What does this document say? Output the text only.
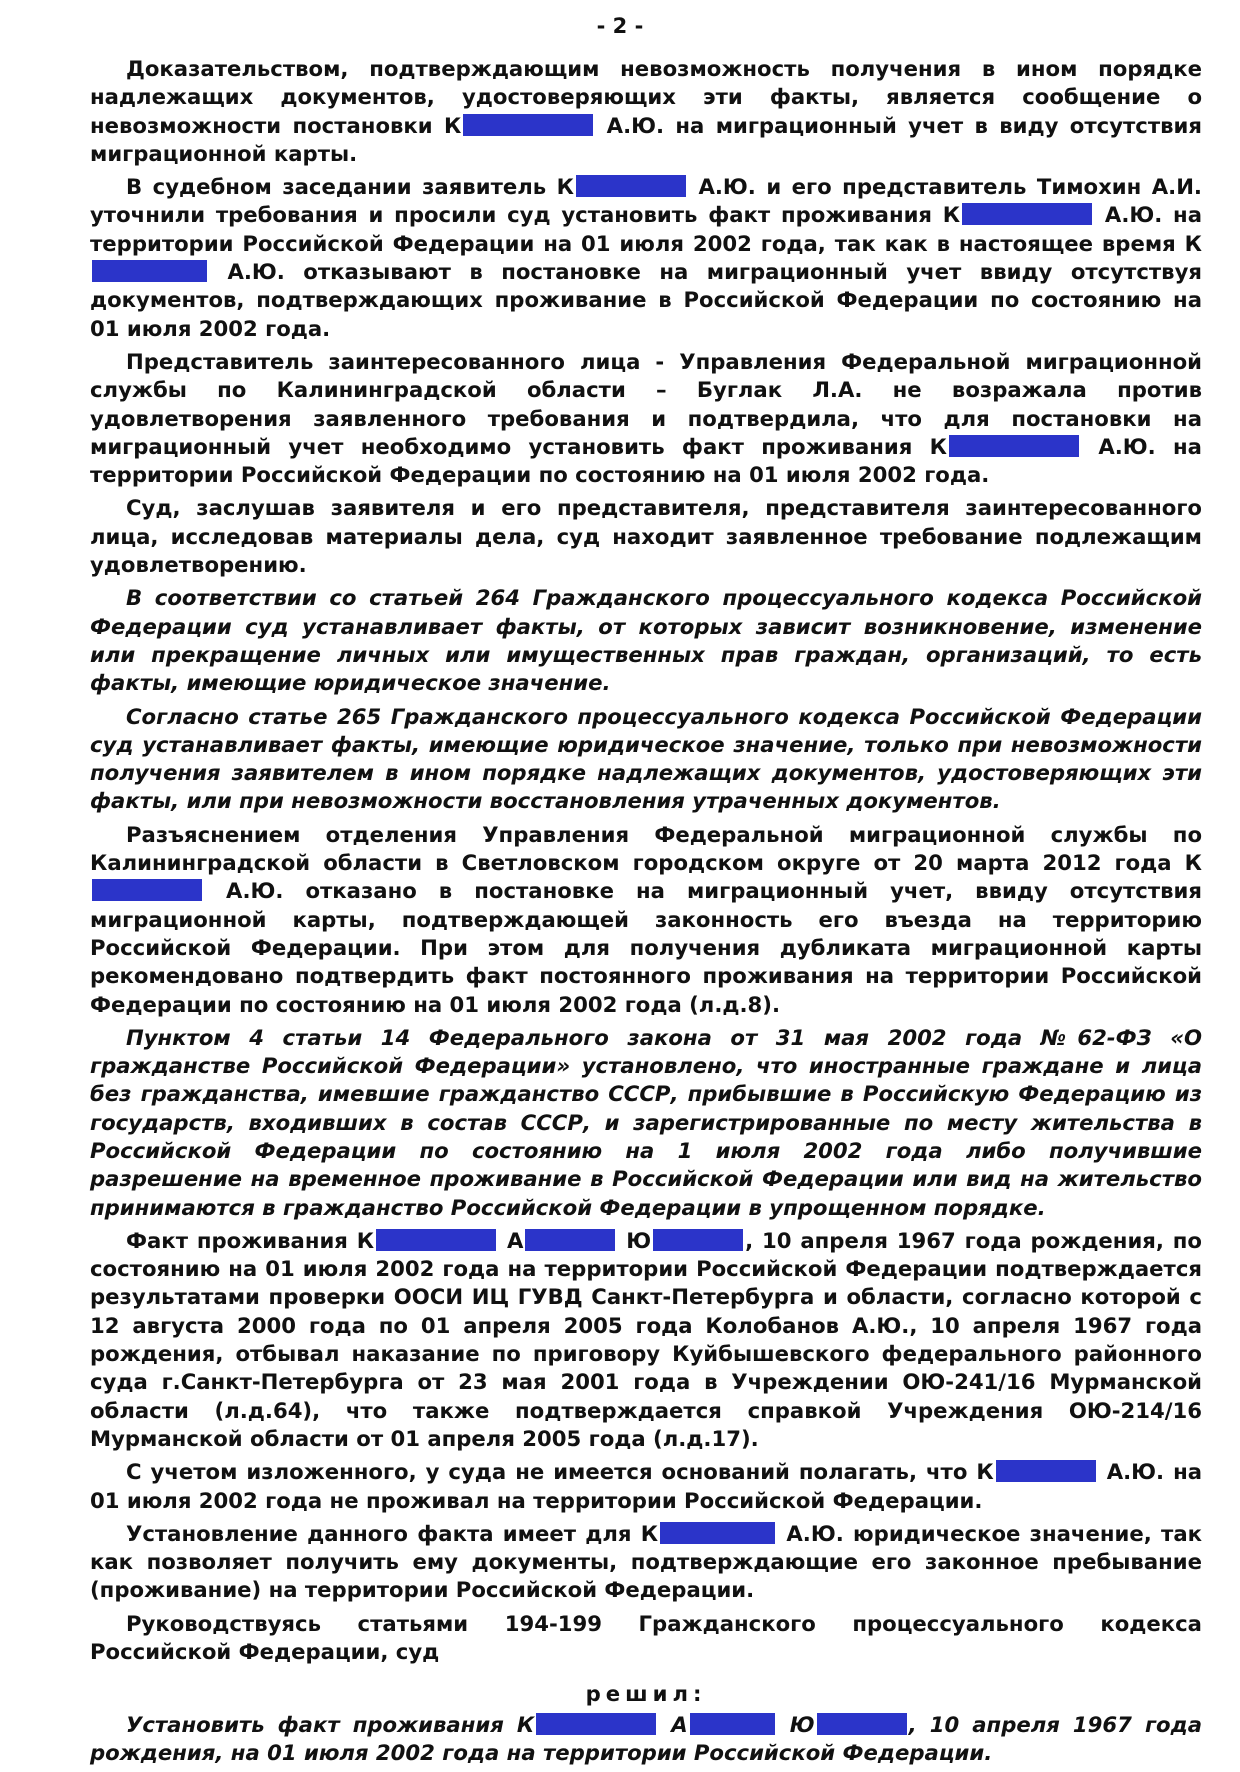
- 2 -

Доказательством, подтверждающим невозможность получения в ином порядке надлежащих документов, удостоверяющих эти факты, является сообщение о невозможности постановки К	А.Ю. на миграционный учет в виду отсутствия миграционной карты.

В судебном заседании заявитель К	А.Ю. и его представитель Тимохин А.И. уточнили требования и просили суд установить факт проживания К	А.Ю. на территории Российской Федерации на 01 июля 2002 года, так как в настоящее время К А.Ю. отказывают в постановке на миграционный учет ввиду отсутствуя документов, подтверждающих проживание в Российской Федерации по состоянию на 01 июля 2002 года.

Представитель заинтересованного лица - Управления Федеральной миграционной службы по Калининградской области – Буглак Л.А. не возражала против удовлетворения заявленного требования и подтвердила, что для постановки на миграционный учет необходимо установить факт проживания К	А.Ю. на территории Российской Федерации по состоянию на 01 июля 2002 года.

Суд, заслушав заявителя и его представителя, представителя заинтересованного лица, исследовав материалы дела, суд находит заявленное требование подлежащим удовлетворению.

В соответствии со статьей 264 Гражданского процессуального кодекса Российской Федерации суд устанавливает факты, от которых зависит возникновение, изменение или прекращение личных или имущественных прав граждан, организаций, то есть факты, имеющие юридическое значение.

Согласно статье 265 Гражданского процессуального кодекса Российской Федерации суд устанавливает факты, имеющие юридическое значение, только при невозможности получения заявителем в ином порядке надлежащих документов, удостоверяющих эти факты, или при невозможности восстановления утраченных документов.

Разъяснением отделения Управления Федеральной миграционной службы по Калининградской области в Светловском городском округе от 20 марта 2012 года К А.Ю. отказано в постановке на миграционный учет, ввиду отсутствия миграционной карты, подтверждающей законность его въезда на территорию Российской Федерации. При этом для получения дубликата миграционной карты рекомендовано подтвердить факт постоянного проживания на территории Российской Федерации по состоянию на 01 июля 2002 года (л.д.8).

Пунктом 4 статьи 14 Федерального закона от 31 мая 2002 года №62-ФЗ «О гражданстве Российской Федерации» установлено, что иностранные граждане и лица без гражданства, имевшие гражданство СССР, прибывшие в Российскую Федерацию из государств, входивших в состав СССР, и зарегистрированные по месту жительства в Российской Федерации по состоянию на 1 июля 2002 года либо получившие разрешение на временное проживание в Российской Федерации или вид на жительство принимаются в гражданство Российской Федерации в упрощенном порядке.

Факт проживания К	А	Ю	, 10 апреля 1967 года рождения, по состоянию на 01 июля 2002 года на территории Российской Федерации подтверждается результатами проверки ООСИ ИЦ ГУВД Санкт-Петербурга и области, согласно которой с 12 августа 2000 года по 01 апреля 2005 года Колобанов А.Ю., 10 апреля 1967 года рождения, отбывал наказание по приговору Куйбышевского федерального районного суда г.Санкт-Петербурга от 23 мая 2001 года в Учреждении ОЮ-241/16 Мурманской области (л.д.64), что также подтверждается справкой Учреждения ОЮ-214/16 Мурманской области от 01 апреля 2005 года (л.д.17).

С учетом изложенного, у суда не имеется оснований полагать, что К	А.Ю. на 01 июля 2002 года не проживал на территории Российской Федерации.

Установление данного факта имеет для К	А.Ю. юридическое значение, так как позволяет получить ему документы, подтверждающие его законное пребывание (проживание) на территории Российской Федерации.

Руководствуясь статьями 194-199 Гражданского процессуального кодекса Российской Федерации, суд

решил:

Установить факт проживания К	А	Ю	, 10 апреля 1967 года рождения, на 01 июля 2002 года на территории Российской Федерации.
